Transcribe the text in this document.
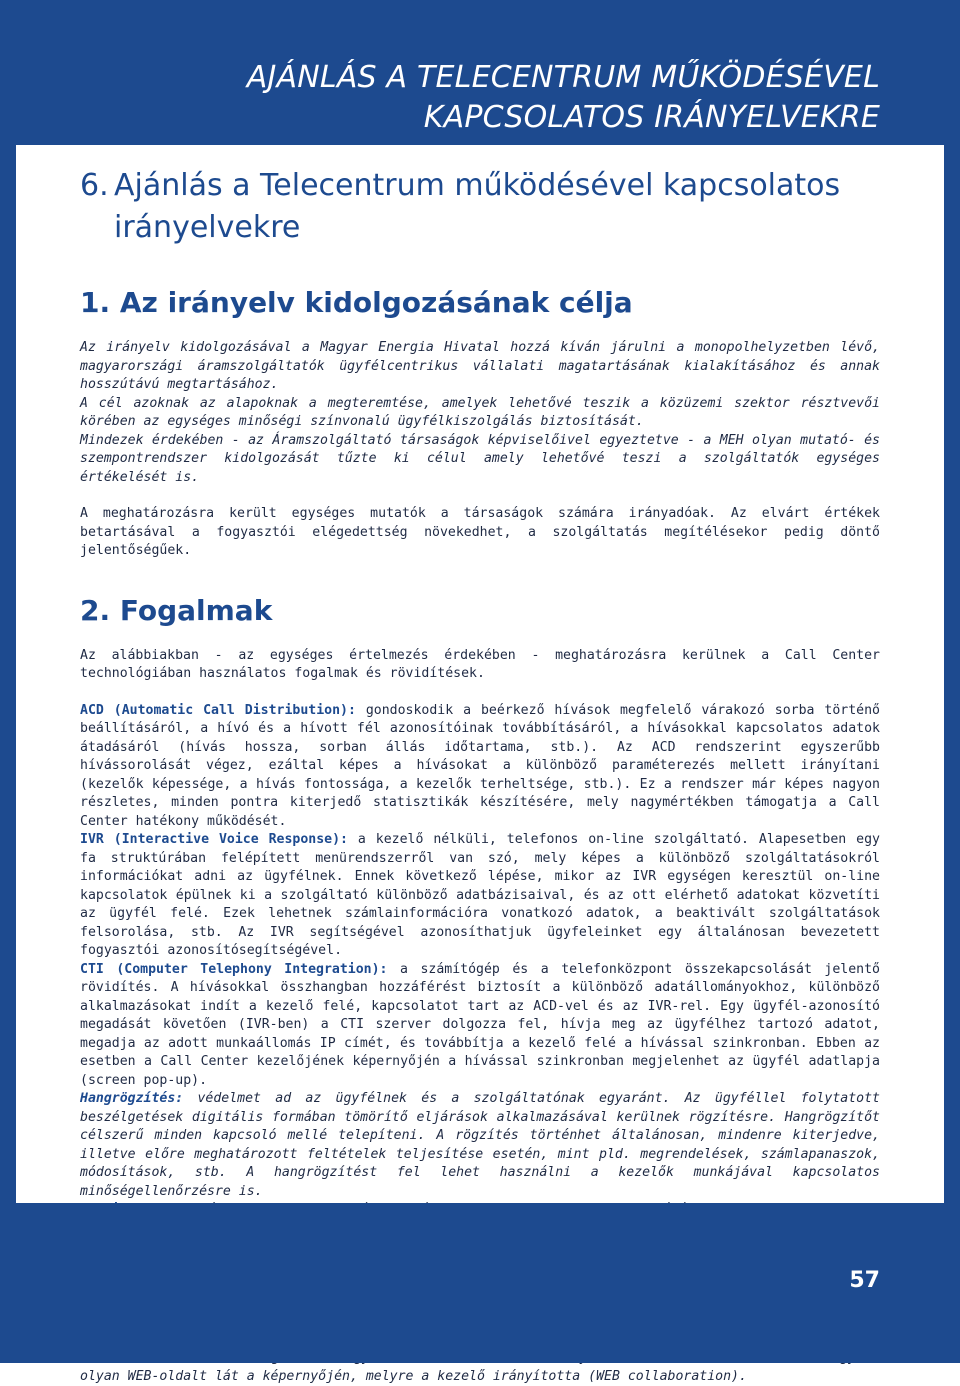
AJÁNLÁS A TELECENTRUM MŰKÖDÉSÉVEL
KAPCSOLATOS IRÁNYELVEKRE
6. Ajánlás a Telecentrum működésével kapcsolatos
irányelvekre
1. Az irányelv kidolgozásának célja

Az irányelv kidolgozásával a Magyar Energia Hivatal hozzá kíván járulni a monopolhelyzetben lévő, magyarországi áramszolgáltatók ügyfélcentrikus vállalati magatartásának kialakításához és annak hosszútávú megtartásához.

A cél azoknak az alapoknak a megteremtése, amelyek lehetővé teszik a közüzemi szektor résztvevői körében az egységes minőségi színvonalú ügyfélkiszolgálás biztosítását.

Mindezek érdekében - az Áramszolgáltató társaságok képviselőivel egyeztetve - a MEH olyan mutató- és szempontrendszer kidolgozását tűzte ki célul amely lehetővé teszi a szolgáltatók egységes értékelését is.

A meghatározásra került egységes mutatók a társaságok számára irányadóak. Az elvárt értékek betartásával a fogyasztói elégedettség növekedhet, a szolgáltatás megítélésekor pedig döntő jelentőségűek.

2. Fogalmak

Az alábbiakban - az egységes értelmezés érdekében - meghatározásra kerülnek a Call Center technológiában használatos fogalmak és rövidítések.

ACD (Automatic Call Distribution): gondoskodik a beérkező hívások megfelelő várakozó sorba történő beállításáról, a hívó és a hívott fél azonosítóinak továbbításáról, a hívásokkal kapcsolatos adatok átadásáról (hívás hossza, sorban állás időtartama, stb.). Az ACD rendszerint egyszerűbb hívássorolását végez, ezáltal képes a hívásokat a különböző paraméterezés mellett irányítani (kezelők képessége, a hívás fontossága, a kezelők terheltsége, stb.). Ez a rendszer már képes nagyon részletes, minden pontra kiterjedő statisztikák készítésére, mely nagymértékben támogatja a Call Center hatékony működését.

IVR (Interactive Voice Response): a kezelő nélküli, telefonos on-line szolgáltató. Alapesetben egy fa struktúrában felépített menürendszerről van szó, mely képes a különböző szolgáltatásokról információkat adni az ügyfélnek. Ennek következő lépése, mikor az IVR egységen keresztül on-line kapcsolatok épülnek ki a szolgáltató különböző adatbázisaival, és az ott elérhető adatokat közvetíti az ügyfél felé. Ezek lehetnek számlainformációra vonatkozó adatok, a beaktivált szolgáltatások felsorolása, stb. Az IVR segítségével azonosíthatjuk ügyfeleinket egy általánosan bevezetett fogyasztói azonosítósegítségével.

CTI (Computer Telephony Integration): a számítógép és a telefonközpont összekapcsolását jelentő rövidítés. A hívásokkal összhangban hozzáférést biztosít a különböző adatállományokhoz, különböző alkalmazásokat indít a kezelő felé, kapcsolatot tart az ACD-vel és az IVR-rel. Egy ügyfél-azonosító megadását követően (IVR-ben) a CTI szerver dolgozza fel, hívja meg az ügyfélhez tartozó adatot, megadja az adott munkaállomás IP címét, és továbbítja a kezelő felé a hívással szinkronban. Ebben az esetben a Call Center kezelőjének képernyőjén a hívással szinkronban megjelenhet az ügyfél adatlapja (screen pop-up).

Hangrögzítés: védelmet ad az ügyfélnek és a szolgáltatónak egyaránt. Az ügyféllel folytatott beszélgetések digitális formában tömörítő eljárások alkalmazásával kerülnek rögzítésre. Hangrögzítőt célszerű minden kapcsoló mellé telepíteni. A rögzítés történhet általánosan, mindenre kiterjedve, illetve előre meghatározott feltételek teljesítése esetén, mint pld. megrendelések, számlapanaszok, módosítások, stb. A hangrögzítést fel lehet használni a kezelők munkájával kapcsolatos minőségellenőrzésre is.

olyan WEB-oldalt lát a képernyőjén, melyre a kezelő irányította (WEB collaboration).

57
